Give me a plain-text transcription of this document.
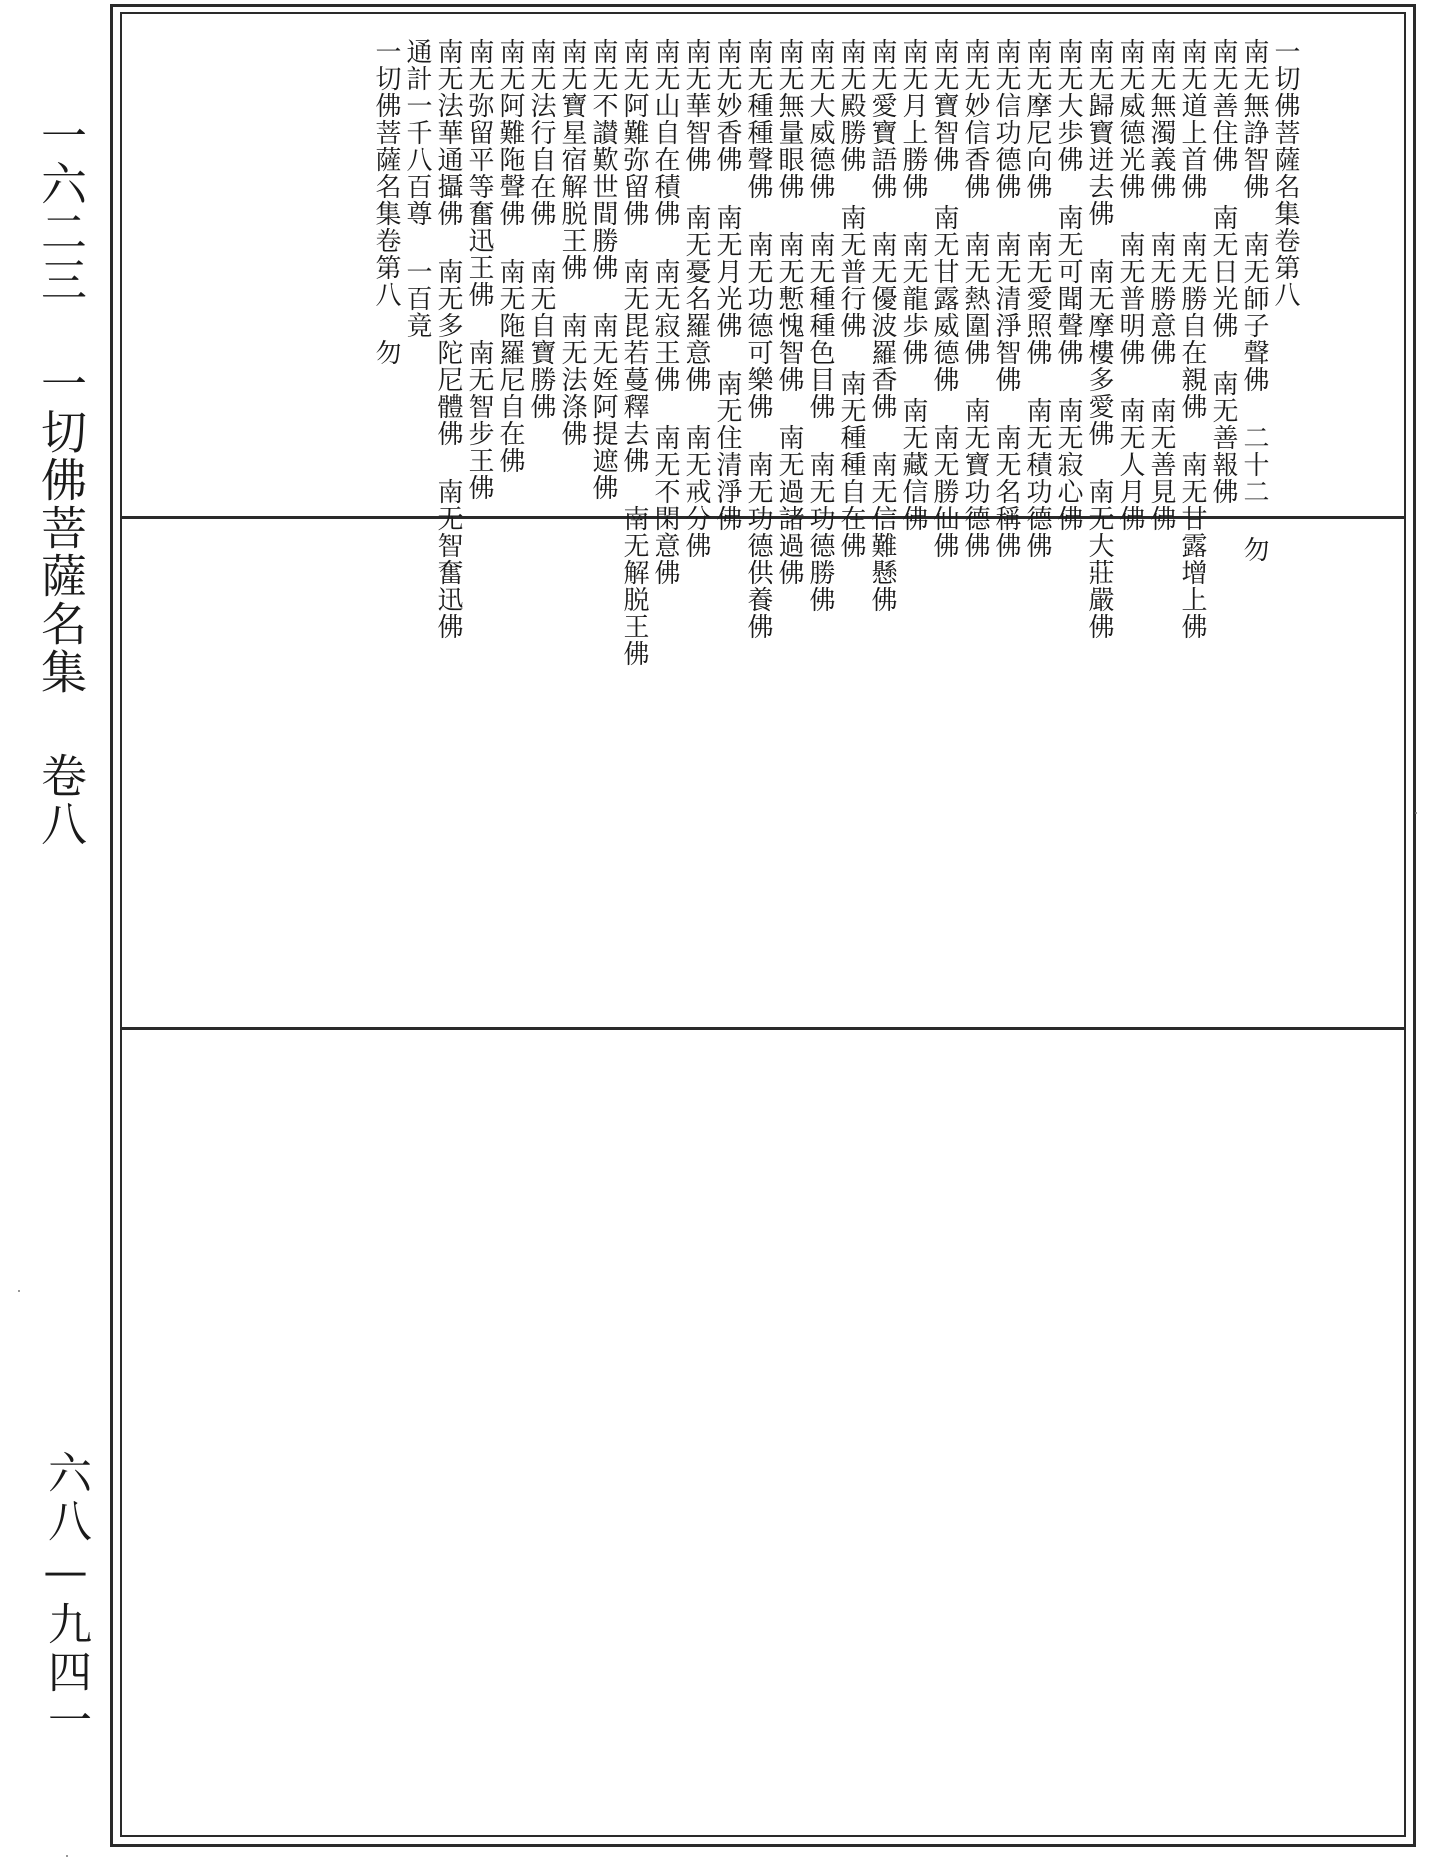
一六二三 一切佛菩薩名集 卷八
六八—九四一
一切佛菩薩名集卷第八
南无無諍智佛 南无師子聲佛 二十二 勿
南无善住佛 南无日光佛 南无善報佛
南无道上首佛 南无勝自在親佛 南无甘露增上佛
南无無濁義佛 南无勝意佛 南无善見佛
南无威德光佛 南无普明佛 南无人月佛
南无歸寶迸去佛 南无摩樓多愛佛 南无大莊嚴佛
南无大歩佛 南无可聞聲佛 南无寂心佛
南无摩尼向佛 南无愛照佛 南无積功德佛
南无信功德佛 南无清淨智佛 南无名稱佛
南无妙信香佛 南无熱圍佛 南无寶功德佛
南无寶智佛 南无甘露威德佛 南无勝仙佛
南无月上勝佛 南无龍歩佛 南无藏信佛
南无愛寶語佛 南无優波羅香佛 南无信難懸佛
南无殿勝佛 南无普行佛 南无種種自在佛
南无大威德佛 南无種種色目佛 南无功德勝佛
南无無量眼佛 南无慙愧智佛 南无過諸過佛
南无種種聲佛 南无功德可樂佛 南无功德供養佛
南无妙香佛 南无月光佛 南无住清淨佛
南无華智佛 南无憂名羅意佛 南无戒分佛
南无山自在積佛 南无寂王佛 南无不閑意佛
南无阿難弥留佛 南无毘若蔓釋去佛 南无解脱王佛
南无不讃歎世間勝佛 南无姪阿提遮佛
南无寶星宿解脱王佛 南无法涤佛
南无法行自在佛 南无自寶勝佛
南无阿難陁聲佛 南无陁羅尼自在佛
南无弥留平等奮迅王佛 南无智步王佛
南无法華通攝佛 南无多陀尼體佛 南无智奮迅佛
通計一千八百尊 一百竟
一切佛菩薩名集卷第八 勿
